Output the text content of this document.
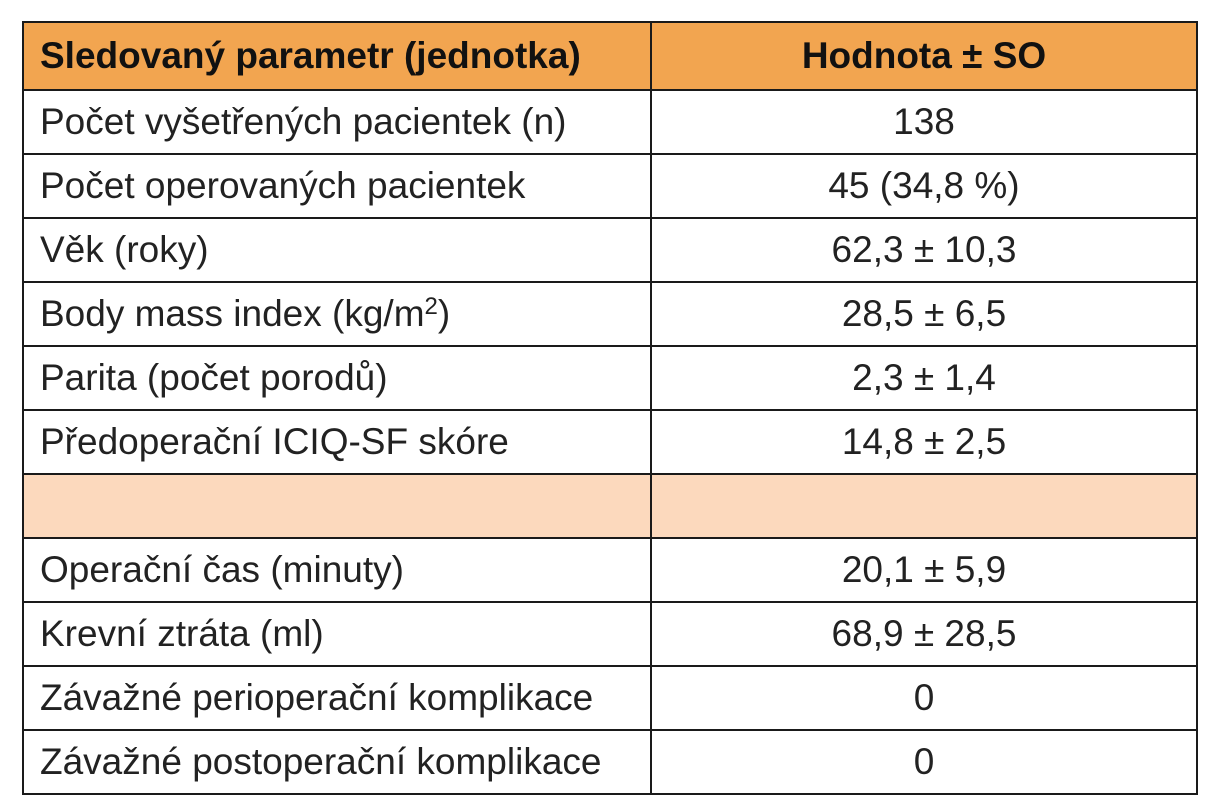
Sledovaný parametr (jednotka)	Hodnota ± SO
Počet vyšetřených pacientek (n)	138
Počet operovaných pacientek	45 (34,8 %)
Věk (roky)	62,3 ± 10,3
Body mass index $(kg/m^2)$	28,5 ± 6,5
Parita (počet porodů)	2,3 ± 1,4
Předoperační ICIQ-SF skóre	14,8 ± 2,5

Operační čas (minuty)	20,1 ± 5,9
Krevní ztráta (ml)	68,9 ± 28,5
Závažné perioperační komplikace	0
Závažné postoperační komplikace	0
